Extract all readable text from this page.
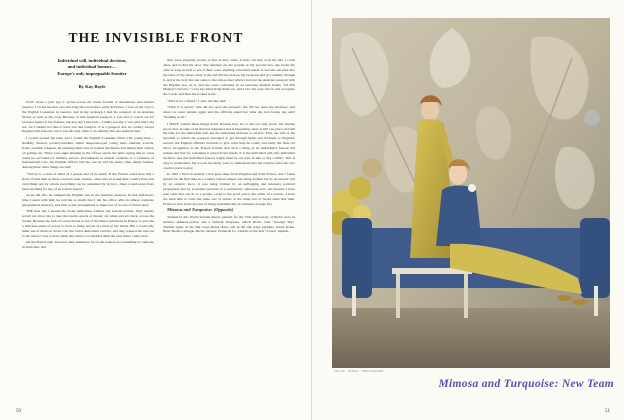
THE INVISIBLE FRONT
Individual will, individual decision,
and individual honour—
Europe's only impregnable frontier
By Kay Boyle

JUST about a year ago, I cycled across the Swiss frontier at Annemasse and entered Geneva. I cycled because cars had long since become a rarity in France. I was on my way to the English Consulate in Geneva, and in my rucksack I had the passport of an Austrian friend, as well as my own. Because of that Austrian passport, I was told to watch out for Gestapo agents at the frontier, but that day I had luck—I didn't see any. I was glad that I did not, for I should not like to have lost that passport. It is a passport that no country except England still honours, but it was the only claim to an identity that one Austrian had.

I cycled around the lake, and I found the English Consulate filled with young men—shabbily dressed, poverty-stricken, rather desperate-eyed young men—Italians, Czechs, Poles, German refugees, all pursuing their case as trained mechanics and taking their chance on getting out. There were signs hanging in the offices and in the halls saying that no visas could be accorded for military service. Recruitment in neutral countries is a violation of International Law, the English official told me, but he told me many other things besides. Among these other things, he said:

"Victory is a state of mind of a people and of its Army. If the French could have had a front of such men as these you have seen outside—men who in losing their country have lost everything and for whom everything can be redeemed by victory—there would never have been anything for any of us to have feared."

As he did this, he stamped the English visa in the Austrian passport. In that half-hour's time I spent with him, he told me so much that I felt his office with its almost complete geographical itinerary, and with a rude arrangement to make use of in case of future need.

THE next day I passed the Swiss authorities without any serious trouble. They merely would not allow me to take the twelve spools of thread, six white and six black, across the border. Because the lack of cotton thread is one of the minor privations in France, it gave me a delicious sense of power to hold so many spools of cotton in my hands. But I could only make use of them on Swiss soil, the Swiss authorities told me, and they pointed the rule out to me where I was to leave them and where I would find them the next time I came back.

On the French side, however, they seemed to be on the lookout for something or someone in particular, and

they were stripping people as fast as they came. A little old lady took me into a room alone and locked the door. She emptied out the powder in my powder-box, she broke my cake of soap in half to see if there were anything concealed inside it, and she ran pins into the soles of my shoes. Only at the end did she pick up my rucksack and go carefully through it, and at the very last she came to the side-pocket where I had put the Austrian passport with the English visa on it, and the route contained in an envelope marked boldly "On His Majesty's Service." I saw her hand bring them out, and I saw her eyes fall on and recognize the words, and then she looked at me.

"That is for a friend," I said, and she said:

"Then it is saved." She did not open the passport, she did not open the envelope, and when we were outside again and the officials asked her what she had found, she said: "Nothing at all."

I HAVE written these things down because they are to me not only proof, but stirring proof, that, in spite of all that has happened and is happening, there is still one place and still the time for the individual will and the individual decision to survive. First, the will of the Austrian to whom the passport belonged to get through Spain and Portugal to England; second, the English official's decision to give what help he could; and lastly the little old lady's recognition at the French frontier that such a thing as an individual's honour did remain and that for a moment it rested in her hands. It is the individual will, this individual decision, and this individual honour which must be our trust in this or any conflict. This is easy to understand, but it took me many years to understand that the creative artist has two creative parts to play.

In 1935 I lived in Austria. I had gone there from England and from France, and I found myself for the first time in a country whose temper was being formed not by an interior, but by an exterior force. It was being formed by an unflagging and intensive political propaganda and by economic pressure of a particularly obnoxious sort, and because I have seen what that can do to a people—even to the poets and to the artists of a nation—I have not been able to write the same sort of stories or the same sort of books since that time. France is now in the process of being systematically (Continued on page 92)

Mimosa and Turquoise: (Opposite)

Teamed in this World Garden mural, painted for the 75th anniversary of Rich's store in Atlanta—mimosa-yellow and a brilliant turquoise, which Rich's calls "Georgia Sky." Teamed again, in the silk crepe dinner-dress, and in the silk crepe pyjamas, tweed jacket. Both: Battin Carnegie, Rich's; Drexel: Frandt & Co. Charles of the Ritz "Claire" lipstick.

50
VOGUE · HORST · PHOTOGRAPH
Mimosa and Turquoise: New Team
51
